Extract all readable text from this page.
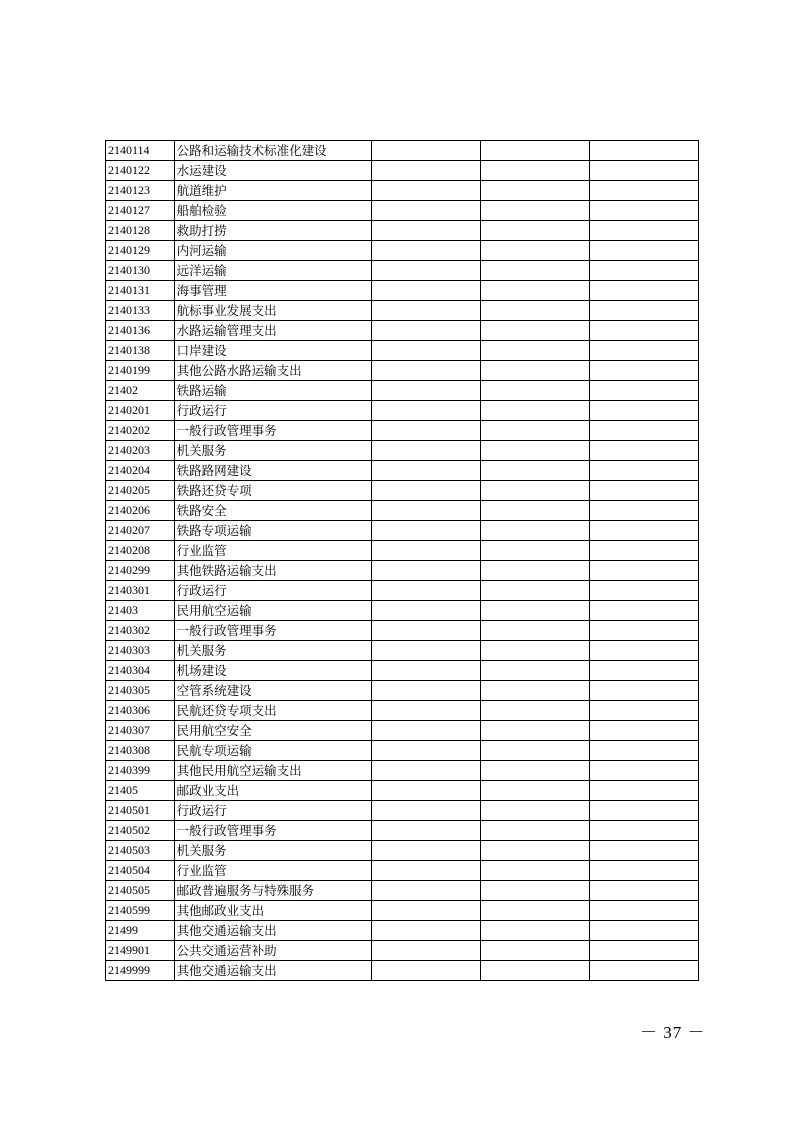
2140114	公路和运输技术标准化建设			
2140122	水运建设			
2140123	航道维护			
2140127	船舶检验			
2140128	救助打捞			
2140129	内河运输			
2140130	远洋运输			
2140131	海事管理			
2140133	航标事业发展支出			
2140136	水路运输管理支出			
2140138	口岸建设			
2140199	其他公路水路运输支出			
21402	铁路运输			
2140201	行政运行			
2140202	一般行政管理事务			
2140203	机关服务			
2140204	铁路路网建设			
2140205	铁路还贷专项			
2140206	铁路安全			
2140207	铁路专项运输			
2140208	行业监管			
2140299	其他铁路运输支出			
2140301	行政运行			
21403	民用航空运输			
2140302	一般行政管理事务			
2140303	机关服务			
2140304	机场建设			
2140305	空管系统建设			
2140306	民航还贷专项支出			
2140307	民用航空安全			
2140308	民航专项运输			
2140399	其他民用航空运输支出			
21405	邮政业支出			
2140501	行政运行			
2140502	一般行政管理事务			
2140503	机关服务			
2140504	行业监管			
2140505	邮政普遍服务与特殊服务			
2140599	其他邮政业支出			
21499	其他交通运输支出			
2149901	公共交通运营补助			
2149999	其他交通运输支出			
－ 37 －
